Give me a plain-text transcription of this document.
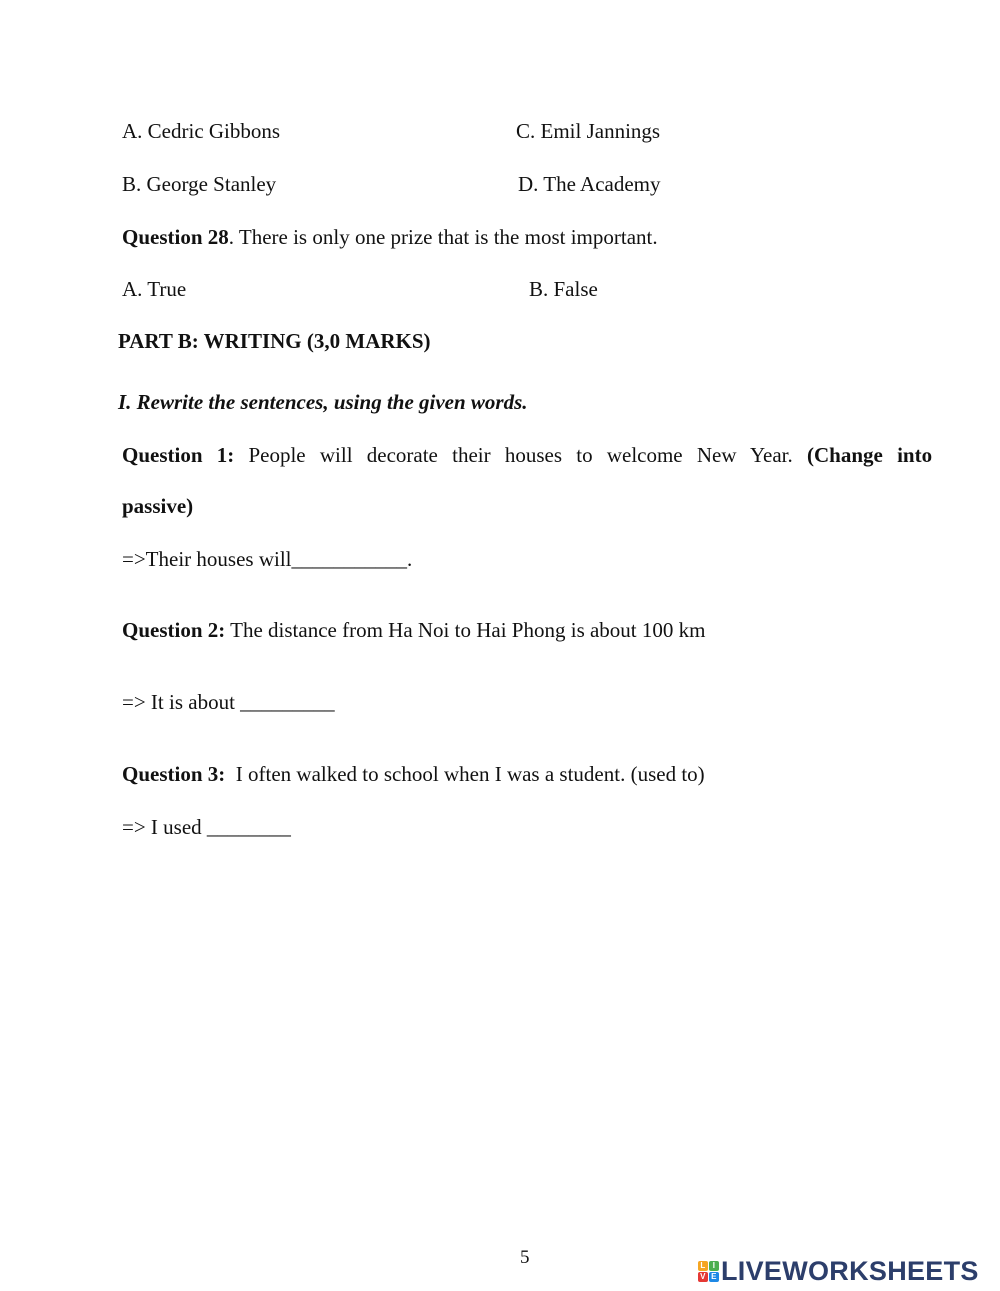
A. Cedric Gibbons	C. Emil Jannings
B. George Stanley	D. The Academy
Question 28. There is only one prize that is the most important.
A. True	B. False
PART B: WRITING (3,0 MARKS)
I. Rewrite the sentences, using the given words.
Question 1: People will decorate their houses to welcome New Year. (Change into
passive)
=>Their houses will___________.
Question 2: The distance from Ha Noi to Hai Phong is about 100 km
=> It is about _________
Question 3:  I often walked to school when I was a student. (used to)
=> I used ________
5	L I
V E LIVEWORKSHEETS
